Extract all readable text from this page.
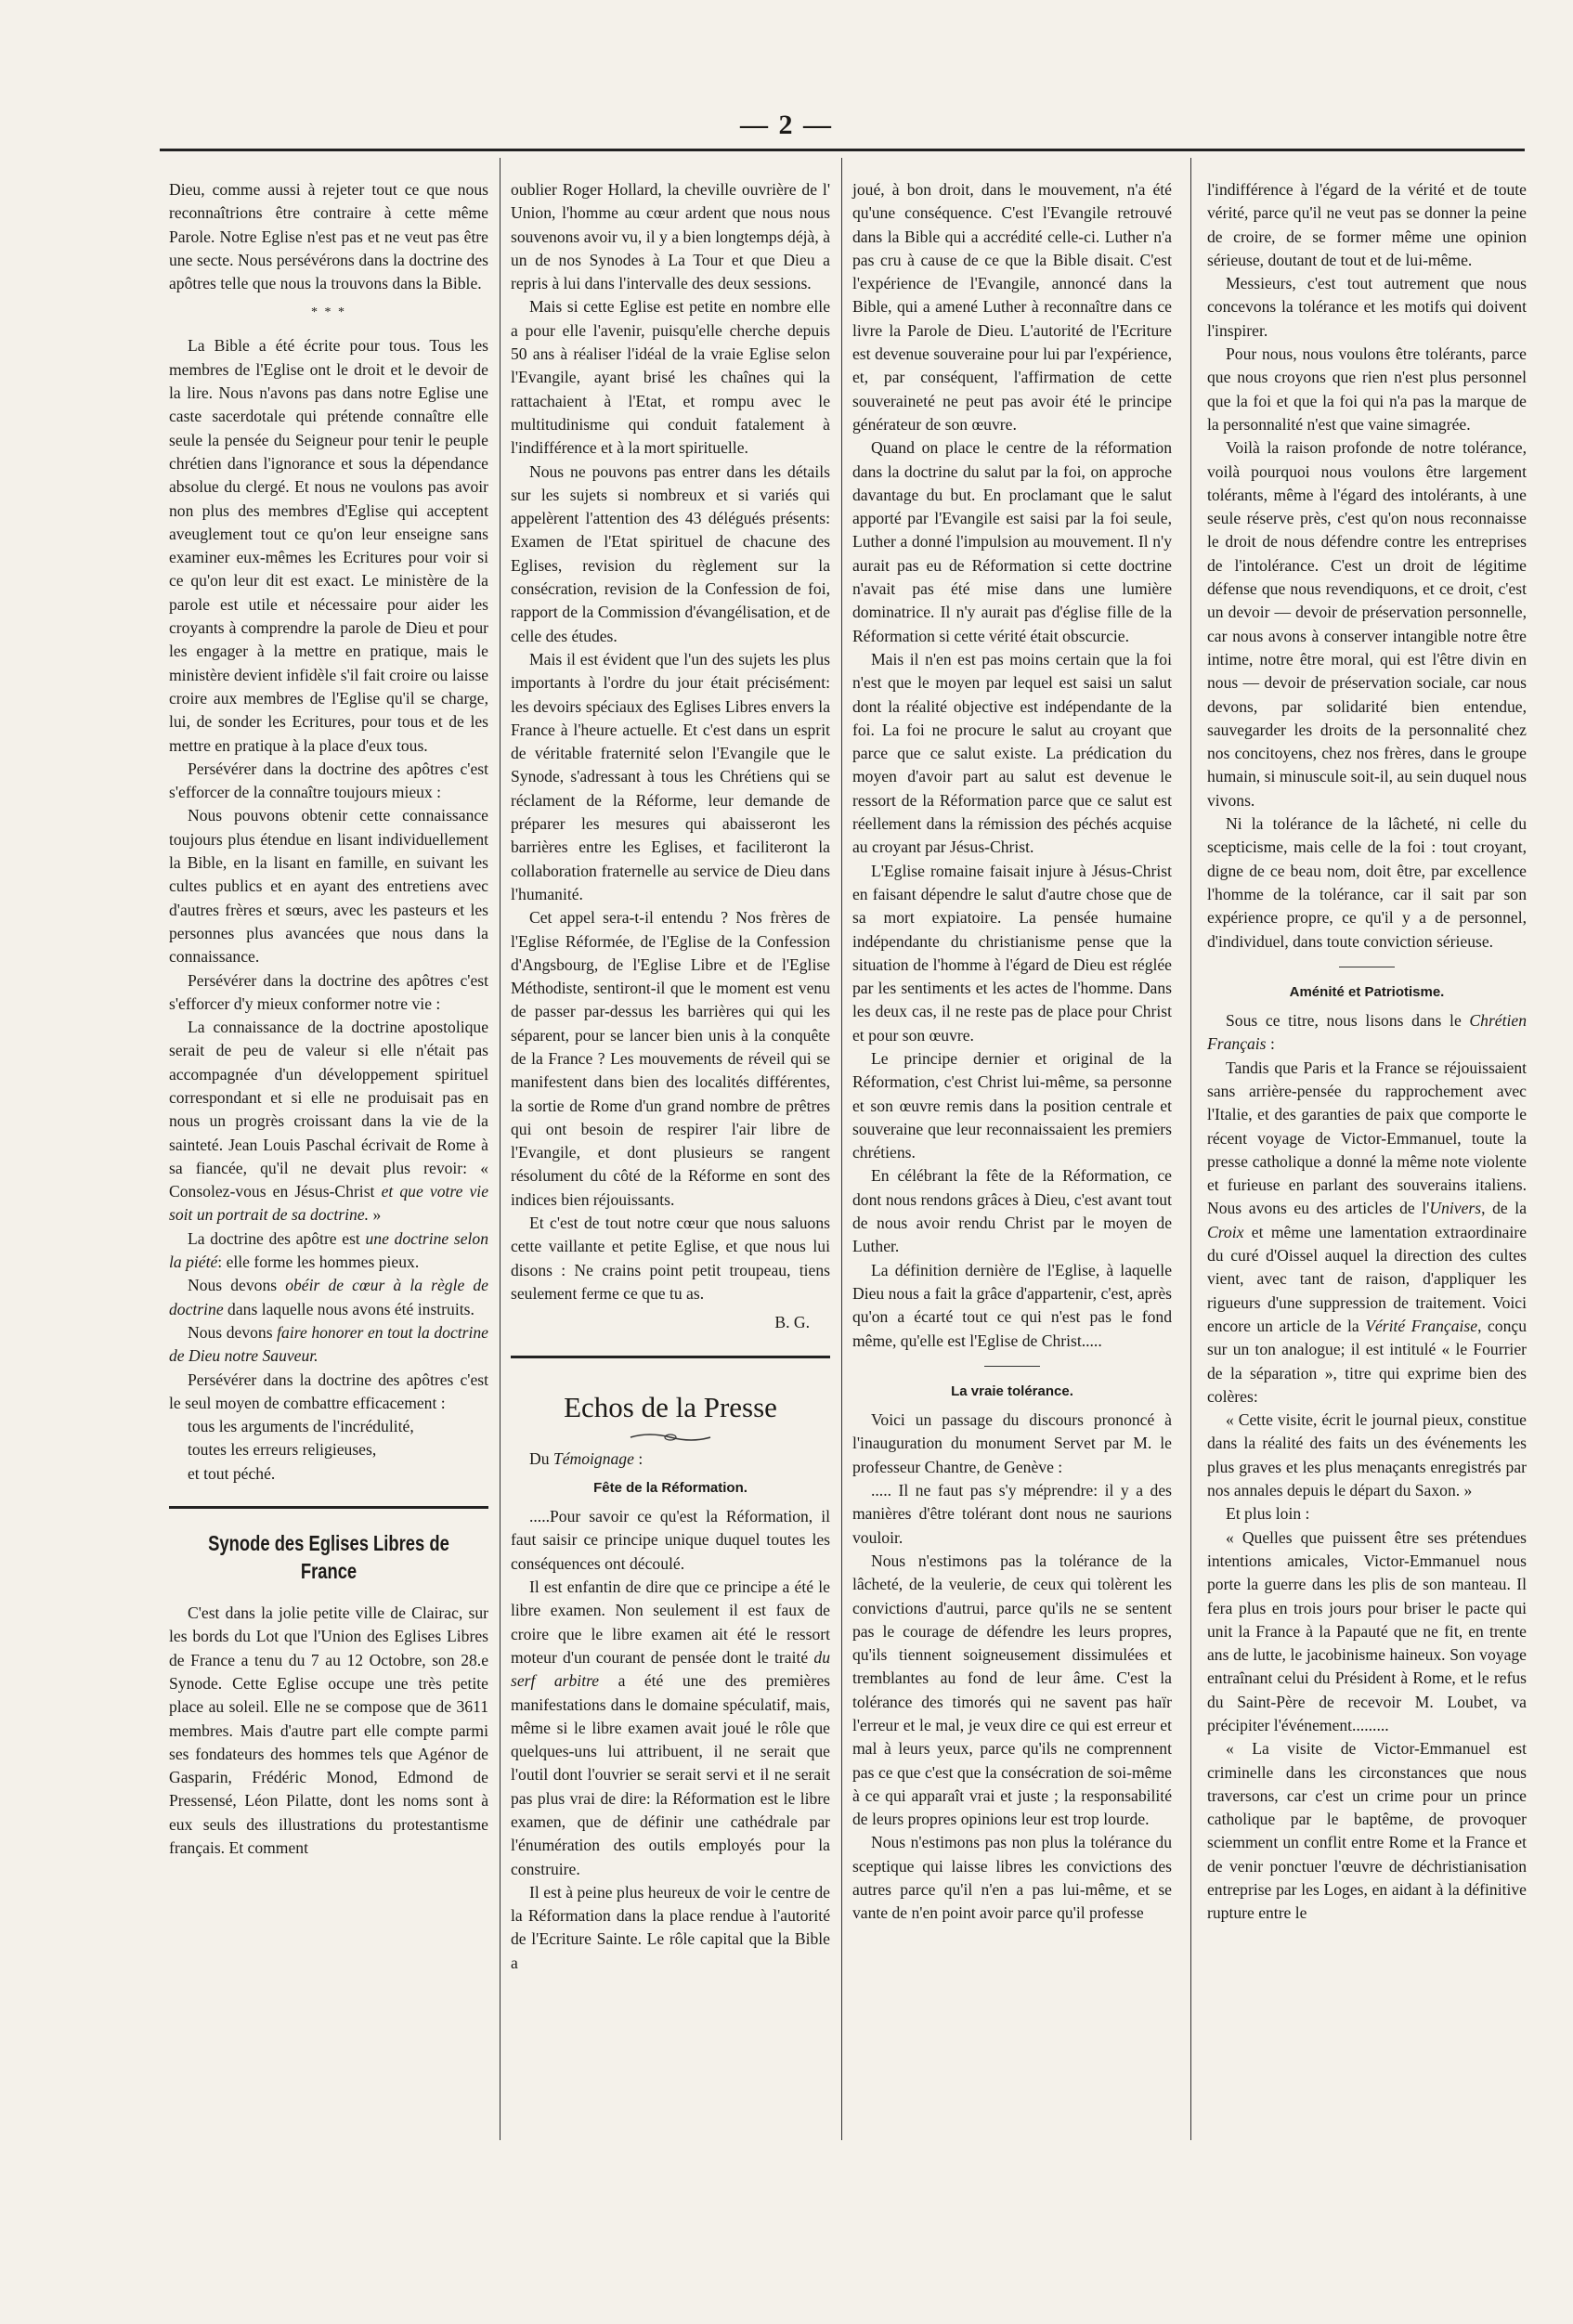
— 2 —

Dieu, comme aussi à rejeter tout ce que nous reconnaîtrions être contraire à cette même Parole. Notre Eglise n'est pas et ne veut pas être une secte. Nous persévérons dans la doctrine des apôtres telle que nous la trouvons dans la Bible.

* * *

La Bible a été écrite pour tous. Tous les membres de l'Eglise ont le droit et le devoir de la lire. Nous n'avons pas dans notre Eglise une caste sacerdotale qui prétende connaître elle seule la pensée du Seigneur pour tenir le peuple chrétien dans l'ignorance et sous la dépendance absolue du clergé. Et nous ne voulons pas avoir non plus des membres d'Eglise qui acceptent aveuglement tout ce qu'on leur enseigne sans examiner eux-mêmes les Ecritures pour voir si ce qu'on leur dit est exact. Le ministère de la parole est utile et nécessaire pour aider les croyants à comprendre la parole de Dieu et pour les engager à la mettre en pratique, mais le ministère devient infidèle s'il fait croire ou laisse croire aux membres de l'Eglise qu'il se charge, lui, de sonder les Ecritures, pour tous et de les mettre en pratique à la place d'eux tous.

Persévérer dans la doctrine des apôtres c'est s'efforcer de la connaître toujours mieux :

Nous pouvons obtenir cette connaissance toujours plus étendue en lisant individuellement la Bible, en la lisant en famille, en suivant les cultes publics et en ayant des entretiens avec d'autres frères et sœurs, avec les pasteurs et les personnes plus avancées que nous dans la connaissance.

Persévérer dans la doctrine des apôtres c'est s'efforcer d'y mieux conformer notre vie :

La connaissance de la doctrine apostolique serait de peu de valeur si elle n'était pas accompagnée d'un développement spirituel correspondant et si elle ne produisait pas en nous un progrès croissant dans la vie de la sainteté. Jean Louis Paschal écrivait de Rome à sa fiancée, qu'il ne devait plus revoir: « Consolez-vous en Jésus-Christ et que votre vie soit un portrait de sa doctrine. »

La doctrine des apôtre est une doctrine selon la piété: elle forme les hommes pieux.

Nous devons obéir de cœur à la règle de doctrine dans laquelle nous avons été instruits.

Nous devons faire honorer en tout la doctrine de Dieu notre Sauveur.

Persévérer dans la doctrine des apôtres c'est le seul moyen de combattre efficacement :

tous les arguments de l'incrédulité,

toutes les erreurs religieuses,

et tout péché.

Synode des Eglises Libres de France

C'est dans la jolie petite ville de Clairac, sur les bords du Lot que l'Union des Eglises Libres de France a tenu du 7 au 12 Octobre, son 28.e Synode. Cette Eglise occupe une très petite place au soleil. Elle ne se compose que de 3611 membres. Mais d'autre part elle compte parmi ses fondateurs des hommes tels que Agénor de Gasparin, Frédéric Monod, Edmond de Pressensé, Léon Pilatte, dont les noms sont à eux seuls des illustrations du protestantisme français. Et comment

oublier Roger Hollard, la cheville ouvrière de l' Union, l'homme au cœur ardent que nous nous souvenons avoir vu, il y a bien longtemps déjà, à un de nos Synodes à La Tour et que Dieu a repris à lui dans l'intervalle des deux sessions.

Mais si cette Eglise est petite en nombre elle a pour elle l'avenir, puisqu'elle cherche depuis 50 ans à réaliser l'idéal de la vraie Eglise selon l'Evangile, ayant brisé les chaînes qui la rattachaient à l'Etat, et rompu avec le multitudinisme qui conduit fatalement à l'indifférence et à la mort spirituelle.

Nous ne pouvons pas entrer dans les détails sur les sujets si nombreux et si variés qui appelèrent l'attention des 43 délégués présents: Examen de l'Etat spirituel de chacune des Eglises, revision du règlement sur la consécration, revision de la Confession de foi, rapport de la Commission d'évangélisation, et de celle des études.

Mais il est évident que l'un des sujets les plus importants à l'ordre du jour était précisément: les devoirs spéciaux des Eglises Libres envers la France à l'heure actuelle. Et c'est dans un esprit de véritable fraternité selon l'Evangile que le Synode, s'adressant à tous les Chrétiens qui se réclament de la Réforme, leur demande de préparer les mesures qui abaisseront les barrières entre les Eglises, et faciliteront la collaboration fraternelle au service de Dieu dans l'humanité.

Cet appel sera-t-il entendu ? Nos frères de l'Eglise Réformée, de l'Eglise de la Confession d'Angsbourg, de l'Eglise Libre et de l'Eglise Méthodiste, sentiront-il que le moment est venu de passer par-dessus les barrières qui qui les séparent, pour se lancer bien unis à la conquête de la France ? Les mouvements de réveil qui se manifestent dans bien des localités différentes, la sortie de Rome d'un grand nombre de prêtres qui ont besoin de respirer l'air libre de l'Evangile, et dont plusieurs se rangent résolument du côté de la Réforme en sont des indices bien réjouissants.

Et c'est de tout notre cœur que nous saluons cette vaillante et petite Eglise, et que nous lui disons : Ne crains point petit troupeau, tiens seulement ferme ce que tu as.

B. G.
Echos de la Presse

Du Témoignage :

Fête de la Réformation.

.....Pour savoir ce qu'est la Réformation, il faut saisir ce principe unique duquel toutes les conséquences ont découlé.

Il est enfantin de dire que ce principe a été le libre examen. Non seulement il est faux de croire que le libre examen ait été le ressort moteur d'un courant de pensée dont le traité du serf arbitre a été une des premières manifestations dans le domaine spéculatif, mais, même si le libre examen avait joué le rôle que quelques-uns lui attribuent, il ne serait que l'outil dont l'ouvrier se serait servi et il ne serait pas plus vrai de dire: la Réformation est le libre examen, que de définir une cathédrale par l'énumération des outils employés pour la construire.

Il est à peine plus heureux de voir le centre de la Réformation dans la place rendue à l'autorité de l'Ecriture Sainte. Le rôle capital que la Bible a

joué, à bon droit, dans le mouvement, n'a été qu'une conséquence. C'est l'Evangile retrouvé dans la Bible qui a accrédité celle-ci. Luther n'a pas cru à cause de ce que la Bible disait. C'est l'expérience de l'Evangile, annoncé dans la Bible, qui a amené Luther à reconnaître dans ce livre la Parole de Dieu. L'autorité de l'Ecriture est devenue souveraine pour lui par l'expérience, et, par conséquent, l'affirmation de cette souveraineté ne peut pas avoir été le principe générateur de son œuvre.

Quand on place le centre de la réformation dans la doctrine du salut par la foi, on approche davantage du but. En proclamant que le salut apporté par l'Evangile est saisi par la foi seule, Luther a donné l'impulsion au mouvement. Il n'y aurait pas eu de Réformation si cette doctrine n'avait pas été mise dans une lumière dominatrice. Il n'y aurait pas d'église fille de la Réformation si cette vérité était obscurcie.

Mais il n'en est pas moins certain que la foi n'est que le moyen par lequel est saisi un salut dont la réalité objective est indépendante de la foi. La foi ne procure le salut au croyant que parce que ce salut existe. La prédication du moyen d'avoir part au salut est devenue le ressort de la Réformation parce que ce salut est réellement dans la rémission des péchés acquise au croyant par Jésus-Christ.

L'Eglise romaine faisait injure à Jésus-Christ en faisant dépendre le salut d'autre chose que de sa mort expiatoire. La pensée humaine indépendante du christianisme pense que la situation de l'homme à l'égard de Dieu est réglée par les sentiments et les actes de l'homme. Dans les deux cas, il ne reste pas de place pour Christ et pour son œuvre.

Le principe dernier et original de la Réformation, c'est Christ lui-même, sa personne et son œuvre remis dans la position centrale et souveraine que leur reconnaissaient les premiers chrétiens.

En célébrant la fête de la Réformation, ce dont nous rendons grâces à Dieu, c'est avant tout de nous avoir rendu Christ par le moyen de Luther.

La définition dernière de l'Eglise, à laquelle Dieu nous a fait la grâce d'appartenir, c'est, après qu'on a écarté tout ce qui n'est pas le fond même, qu'elle est l'Eglise de Christ.....

La vraie tolérance.

Voici un passage du discours prononcé à l'inauguration du monument Servet par M. le professeur Chantre, de Genève :

..... Il ne faut pas s'y méprendre: il y a des manières d'être tolérant dont nous ne saurions vouloir.

Nous n'estimons pas la tolérance de la lâcheté, de la veulerie, de ceux qui tolèrent les convictions d'autrui, parce qu'ils ne se sentent pas le courage de défendre les leurs propres, qu'ils tiennent soigneusement dissimulées et tremblantes au fond de leur âme. C'est la tolérance des timorés qui ne savent pas haïr l'erreur et le mal, je veux dire ce qui est erreur et mal à leurs yeux, parce qu'ils ne comprennent pas ce que c'est que la consécration de soi-même à ce qui apparaît vrai et juste ; la responsabilité de leurs propres opinions leur est trop lourde.

Nous n'estimons pas non plus la tolérance du sceptique qui laisse libres les convictions des autres parce qu'il n'en a pas lui-même, et se vante de n'en point avoir parce qu'il professe

l'indifférence à l'égard de la vérité et de toute vérité, parce qu'il ne veut pas se donner la peine de croire, de se former même une opinion sérieuse, doutant de tout et de lui-même.

Messieurs, c'est tout autrement que nous concevons la tolérance et les motifs qui doivent l'inspirer.

Pour nous, nous voulons être tolérants, parce que nous croyons que rien n'est plus personnel que la foi et que la foi qui n'a pas la marque de la personnalité n'est que vaine simagrée.

Voilà la raison profonde de notre tolérance, voilà pourquoi nous voulons être largement tolérants, même à l'égard des intolérants, à une seule réserve près, c'est qu'on nous reconnaisse le droit de nous défendre contre les entreprises de l'intolérance. C'est un droit de légitime défense que nous revendiquons, et ce droit, c'est un devoir — devoir de préservation personnelle, car nous avons à conserver intangible notre être intime, notre être moral, qui est l'être divin en nous — devoir de préservation sociale, car nous devons, par solidarité bien entendue, sauvegarder les droits de la personnalité chez nos concitoyens, chez nos frères, dans le groupe humain, si minuscule soit-il, au sein duquel nous vivons.

Ni la tolérance de la lâcheté, ni celle du scepticisme, mais celle de la foi : tout croyant, digne de ce beau nom, doit être, par excellence l'homme de la tolérance, car il sait par son expérience propre, ce qu'il y a de personnel, d'individuel, dans toute conviction sérieuse.

Aménité et Patriotisme.

Sous ce titre, nous lisons dans le Chrétien Français :

Tandis que Paris et la France se réjouissaient sans arrière-pensée du rapprochement avec l'Italie, et des garanties de paix que comporte le récent voyage de Victor-Emmanuel, toute la presse catholique a donné la même note violente et furieuse en parlant des souverains italiens. Nous avons eu des articles de l'Univers, de la Croix et même une lamentation extraordinaire du curé d'Oissel auquel la direction des cultes vient, avec tant de raison, d'appliquer les rigueurs d'une suppression de traitement. Voici encore un article de la Vérité Française, conçu sur un ton analogue; il est intitulé « le Fourrier de la séparation », titre qui exprime bien des colères:

« Cette visite, écrit le journal pieux, constitue dans la réalité des faits un des événements les plus graves et les plus menaçants enregistrés par nos annales depuis le départ du Saxon. »

Et plus loin :

« Quelles que puissent être ses prétendues intentions amicales, Victor-Emmanuel nous porte la guerre dans les plis de son manteau. Il fera plus en trois jours pour briser le pacte qui unit la France à la Papauté que ne fit, en trente ans de lutte, le jacobinisme haineux. Son voyage entraînant celui du Président à Rome, et le refus du Saint-Père de recevoir M. Loubet, va précipiter l'événement.........

« La visite de Victor-Emmanuel est criminelle dans les circonstances que nous traversons, car c'est un crime pour un prince catholique par le baptême, de provoquer sciemment un conflit entre Rome et la France et de venir ponctuer l'œuvre de déchristianisation entreprise par les Loges, en aidant à la définitive rupture entre le
